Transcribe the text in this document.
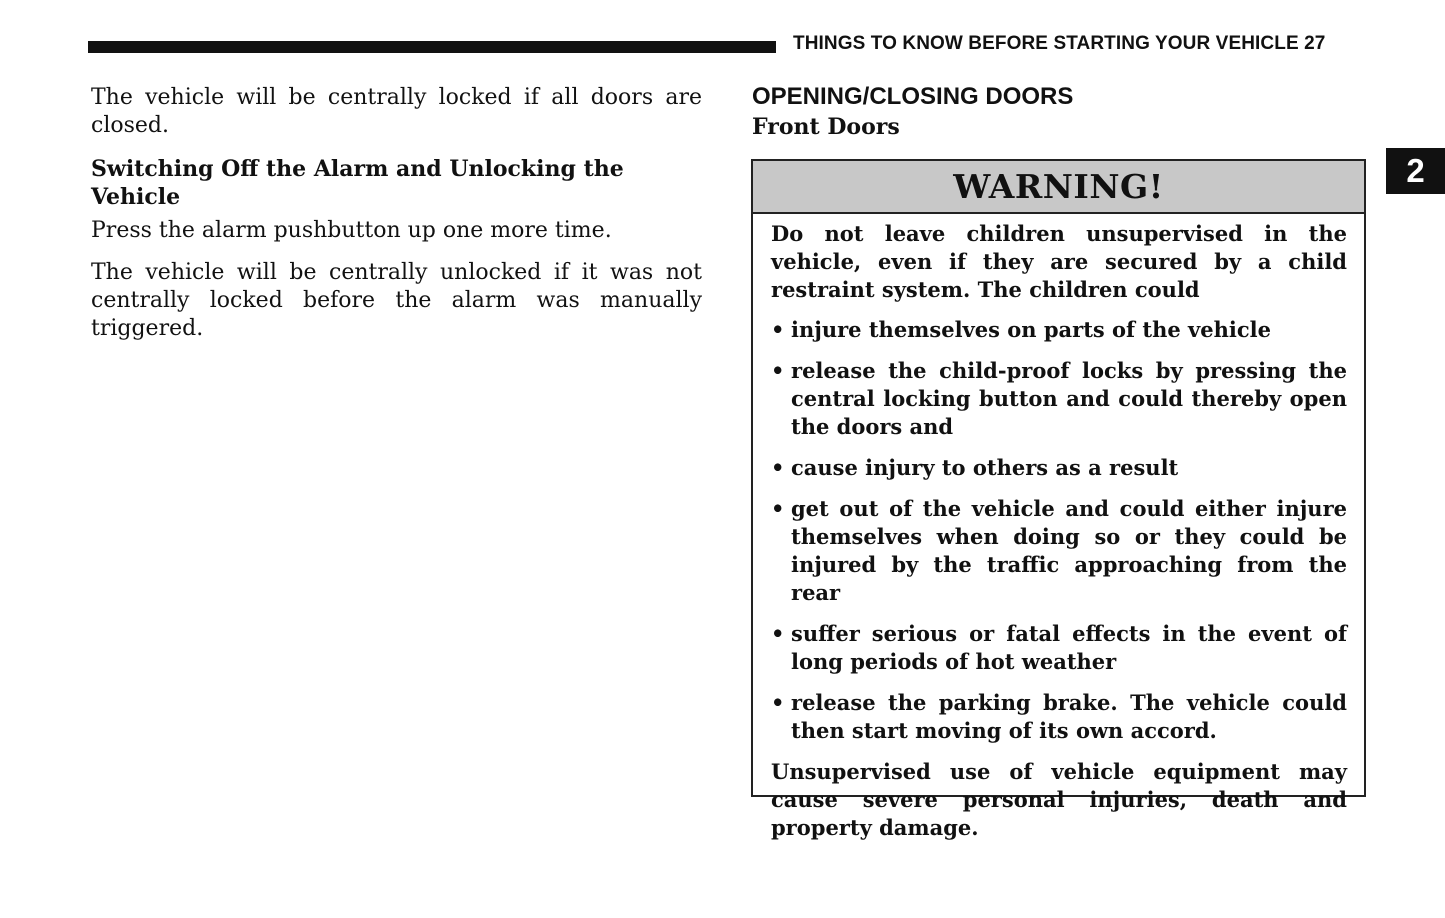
THINGS TO KNOW BEFORE STARTING YOUR VEHICLE 27
2

The vehicle will be centrally locked if all doors are closed.

Switching Off the Alarm and Unlocking the Vehicle

Press the alarm pushbutton up one more time.

The vehicle will be centrally unlocked if it was not centrally locked before the alarm was manually triggered.

OPENING/CLOSING DOORS

Front Doors

WARNING!

Do not leave children unsupervised in the vehicle, even if they are secured by a child restraint system. The children could

• injure themselves on parts of the vehicle
• release the child-proof locks by pressing the central locking button and could thereby open the doors and
• cause injury to others as a result
• get out of the vehicle and could either injure themselves when doing so or they could be injured by the traffic approaching from the rear
• suffer serious or fatal effects in the event of long periods of hot weather
• release the parking brake. The vehicle could then start moving of its own accord.

Unsupervised use of vehicle equipment may cause severe personal injuries, death and property damage.
